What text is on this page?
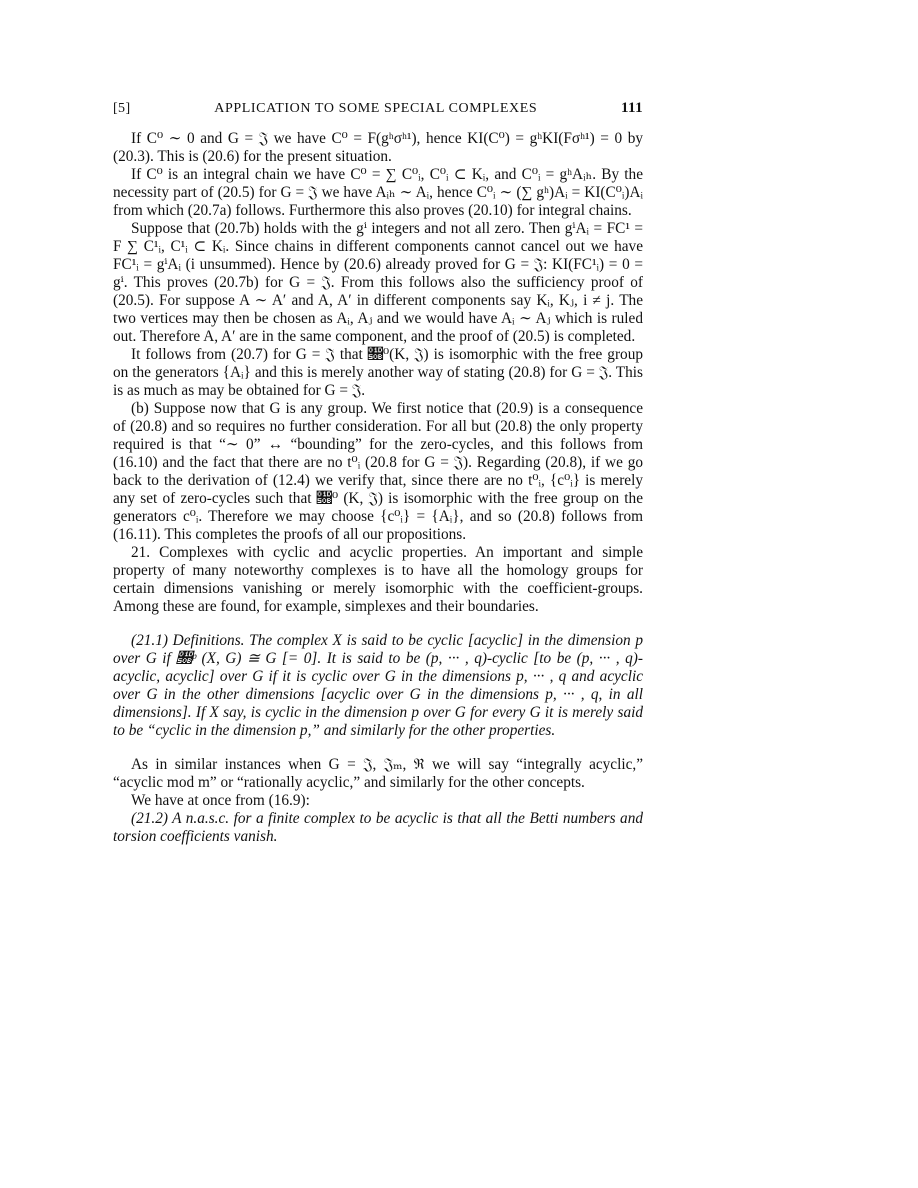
[5]	APPLICATION TO SOME SPECIAL COMPLEXES	111

If C⁰ ∼ 0 and G = 𝔍 we have C⁰ = F(gʰσʰ¹), hence KI(C⁰) = gʰKI(Fσʰ¹) = 0 by (20.3). This is (20.6) for the present situation.

If C⁰ is an integral chain we have C⁰ = ∑ C⁰ᵢ, C⁰ᵢ ⊂ Kᵢ, and C⁰ᵢ = gʰAᵢₕ. By the necessity part of (20.5) for G = 𝔍 we have Aᵢₕ ∼ Aᵢ, hence C⁰ᵢ ∼ (∑ gʰ)Aᵢ = KI(C⁰ᵢ)Aᵢ from which (20.7a) follows. Furthermore this also proves (20.10) for integral chains.

Suppose that (20.7b) holds with the gⁱ integers and not all zero. Then gⁱAᵢ = FC¹ = F ∑ C¹ᵢ, C¹ᵢ ⊂ Kᵢ. Since chains in different components cannot cancel out we have FC¹ᵢ = gⁱAᵢ (i unsummed). Hence by (20.6) already proved for G = 𝔍: KI(FC¹ᵢ) = 0 = gⁱ. This proves (20.7b) for G = 𝔍. From this follows also the sufficiency proof of (20.5). For suppose A ∼ A′ and A, A′ in different components say Kᵢ, Kⱼ, i ≠ j. The two vertices may then be chosen as Aᵢ, Aⱼ and we would have Aᵢ ∼ Aⱼ which is ruled out. Therefore A, A′ are in the same component, and the proof of (20.5) is completed.

It follows from (20.7) for G = 𝔍 that 𝔋⁰(K, 𝔍) is isomorphic with the free group on the generators {Aᵢ} and this is merely another way of stating (20.8) for G = 𝔍. This is as much as may be obtained for G = 𝔍.

(b) Suppose now that G is any group. We first notice that (20.9) is a consequence of (20.8) and so requires no further consideration. For all but (20.8) the only property required is that “∼ 0” ↔ “bounding” for the zero-cycles, and this follows from (16.10) and the fact that there are no t⁰ᵢ (20.8 for G = 𝔍). Regarding (20.8), if we go back to the derivation of (12.4) we verify that, since there are no t⁰ᵢ, {c⁰ᵢ} is merely any set of zero-cycles such that 𝔋⁰ (K, 𝔍) is isomorphic with the free group on the generators c⁰ᵢ. Therefore we may choose {c⁰ᵢ} = {Aᵢ}, and so (20.8) follows from (16.11). This completes the proofs of all our propositions.

21. Complexes with cyclic and acyclic properties. An important and simple property of many noteworthy complexes is to have all the homology groups for certain dimensions vanishing or merely isomorphic with the coefficient-groups. Among these are found, for example, simplexes and their boundaries.

(21.1) Definitions. The complex X is said to be cyclic [acyclic] in the dimension p over G if 𝔋ᵖ (X, G) ≅ G [= 0]. It is said to be (p, ··· , q)-cyclic [to be (p, ··· , q)-acyclic, acyclic] over G if it is cyclic over G in the dimensions p, ··· , q and acyclic over G in the other dimensions [acyclic over G in the dimensions p, ··· , q, in all dimensions]. If X say, is cyclic in the dimension p over G for every G it is merely said to be “cyclic in the dimension p,” and similarly for the other properties.

As in similar instances when G = 𝔍, 𝔍ₘ, ℜ we will say “integrally acyclic,” “acyclic mod m” or “rationally acyclic,” and similarly for the other concepts.

We have at once from (16.9):

(21.2) A n.a.s.c. for a finite complex to be acyclic is that all the Betti numbers and torsion coefficients vanish.
